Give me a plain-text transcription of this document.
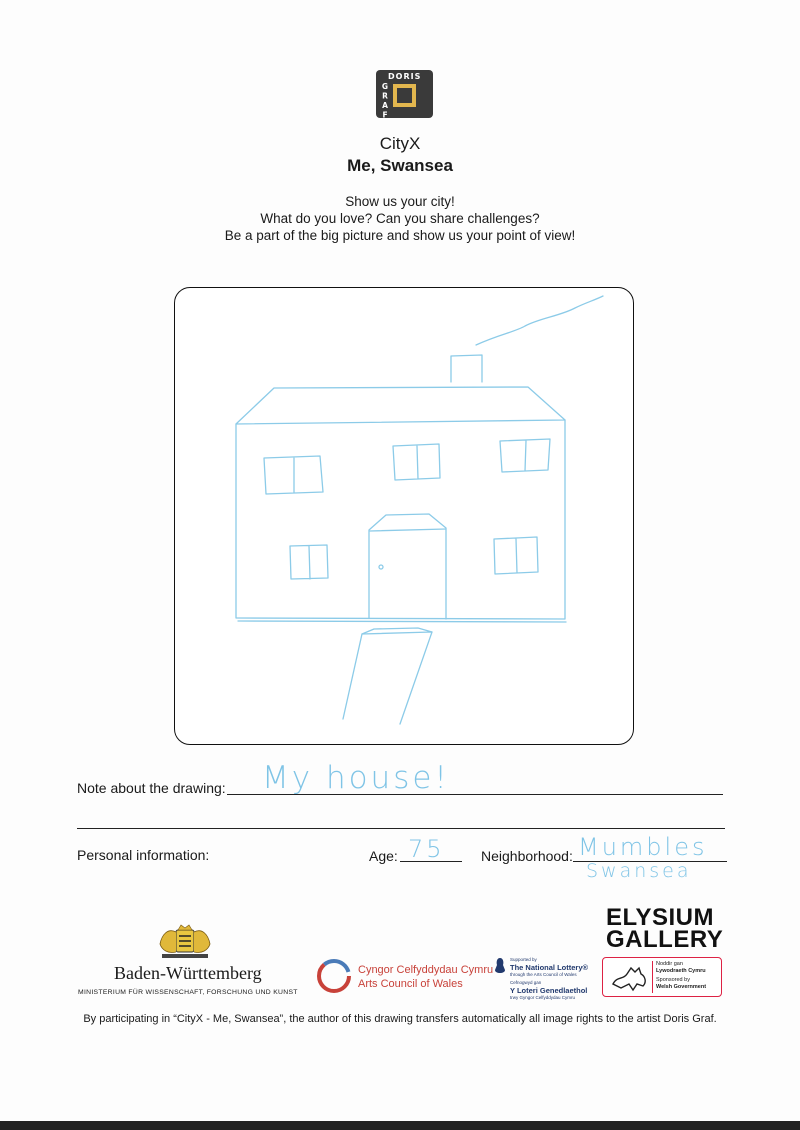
DORIS
GRAF
CityX
Me, Swansea
Show us your city!
What do you love? Can you share challenges?
Be a part of the big picture and show us your point of view!
Note about the drawing: My house!
Personal information:	Age: 75	Neighborhood: Mumbles
Swansea
Baden-Württemberg
MINISTERIUM FÜR WISSENSCHAFT, FORSCHUNG UND KUNST
Cyngor Celfyddydau Cymru
Arts Council of Wales
Supported by
The National Lottery®
through the Arts Council of Wales
Cefnogwyd gan
Y Loteri Genedlaethol
trwy Gyngor Celfyddydau Cymru
ELYSIUM
GALLERY
Noddir gan
Lywodraeth Cymru
Sponsored by
Welsh Government
By participating in “CityX - Me, Swansea”, the author of this drawing transfers automatically all image rights to the artist Doris Graf.
